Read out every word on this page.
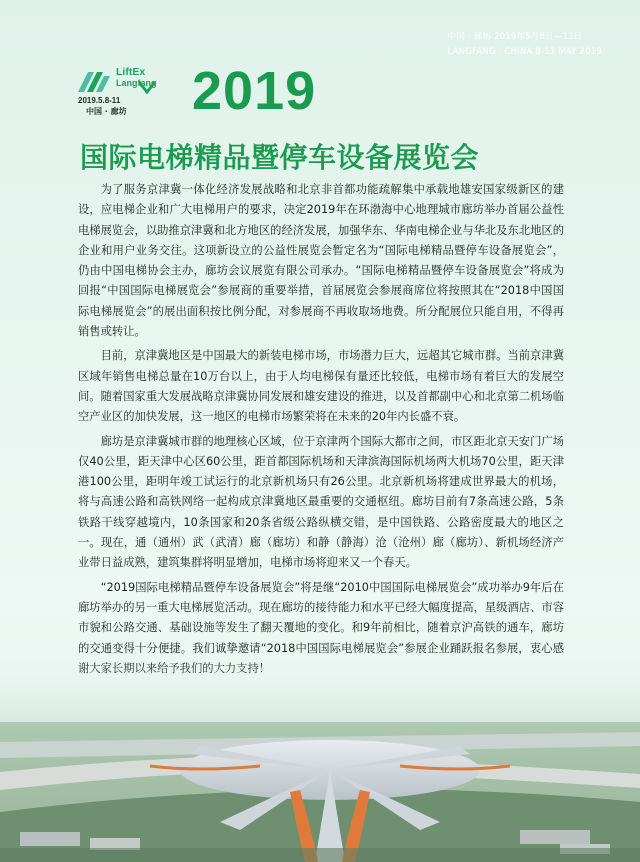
中国 · 廊坊 2019年5月8日—11日
LANGFANG · CHINA 8-11 MAY 2019
LiftEx
Langfang
2019.5.8-11
中国 · 廊坊 2019
国际电梯精品暨停车设备展览会

为了服务京津冀一体化经济发展战略和北京非首都功能疏解集中承载地雄安国家级新区的建设，应电梯企业和广大电梯用户的要求，决定2019年在环渤海中心地理城市廊坊举办首届公益性电梯展览会，以助推京津冀和北方地区的经济发展，加强华东、华南电梯企业与华北及东北地区的企业和用户业务交往。这项新设立的公益性展览会暂定名为“国际电梯精品暨停车设备展览会”，仍由中国电梯协会主办，廊坊会议展览有限公司承办。“国际电梯精品暨停车设备展览会”将成为回报“中国国际电梯展览会”参展商的重要举措，首届展览会参展商席位将按照其在“2018中国国际电梯展览会”的展出面积按比例分配，对参展商不再收取场地费。所分配展位只能自用，不得再销售或转让。

目前，京津冀地区是中国最大的新装电梯市场，市场潜力巨大，远超其它城市群。当前京津冀区域年销售电梯总量在10万台以上，由于人均电梯保有量还比较低，电梯市场有着巨大的发展空间。随着国家重大发展战略京津冀协同发展和雄安建设的推进，以及首都副中心和北京第二机场临空产业区的加快发展，这一地区的电梯市场繁荣将在未来的20年内长盛不衰。

廊坊是京津冀城市群的地理核心区域，位于京津两个国际大都市之间，市区距北京天安门广场仅40公里，距天津中心区60公里，距首都国际机场和天津滨海国际机场两大机场70公里，距天津港100公里，距明年竣工试运行的北京新机场只有26公里。北京新机场将建成世界最大的机场，将与高速公路和高铁网络一起构成京津冀地区最重要的交通枢纽。廊坊目前有7条高速公路，5条铁路干线穿越境内，10条国家和20条省级公路纵横交错，是中国铁路、公路密度最大的地区之一。现在，通（通州）武（武清）廊（廊坊）和静（静海）沧（沧州）廊（廊坊）、新机场经济产业带日益成熟，建筑集群将明显增加，电梯市场将迎来又一个春天。

“2019国际电梯精品暨停车设备展览会”将是继“2010中国国际电梯展览会”成功举办9年后在廊坊举办的另一重大电梯展览活动。现在廊坊的接待能力和水平已经大幅度提高，星级酒店、市容市貌和公路交通、基础设施等发生了翻天覆地的变化。和9年前相比，随着京沪高铁的通车，廊坊的交通变得十分便捷。我们诚挚邀请“2018中国国际电梯展览会”参展企业踊跃报名参展，衷心感
